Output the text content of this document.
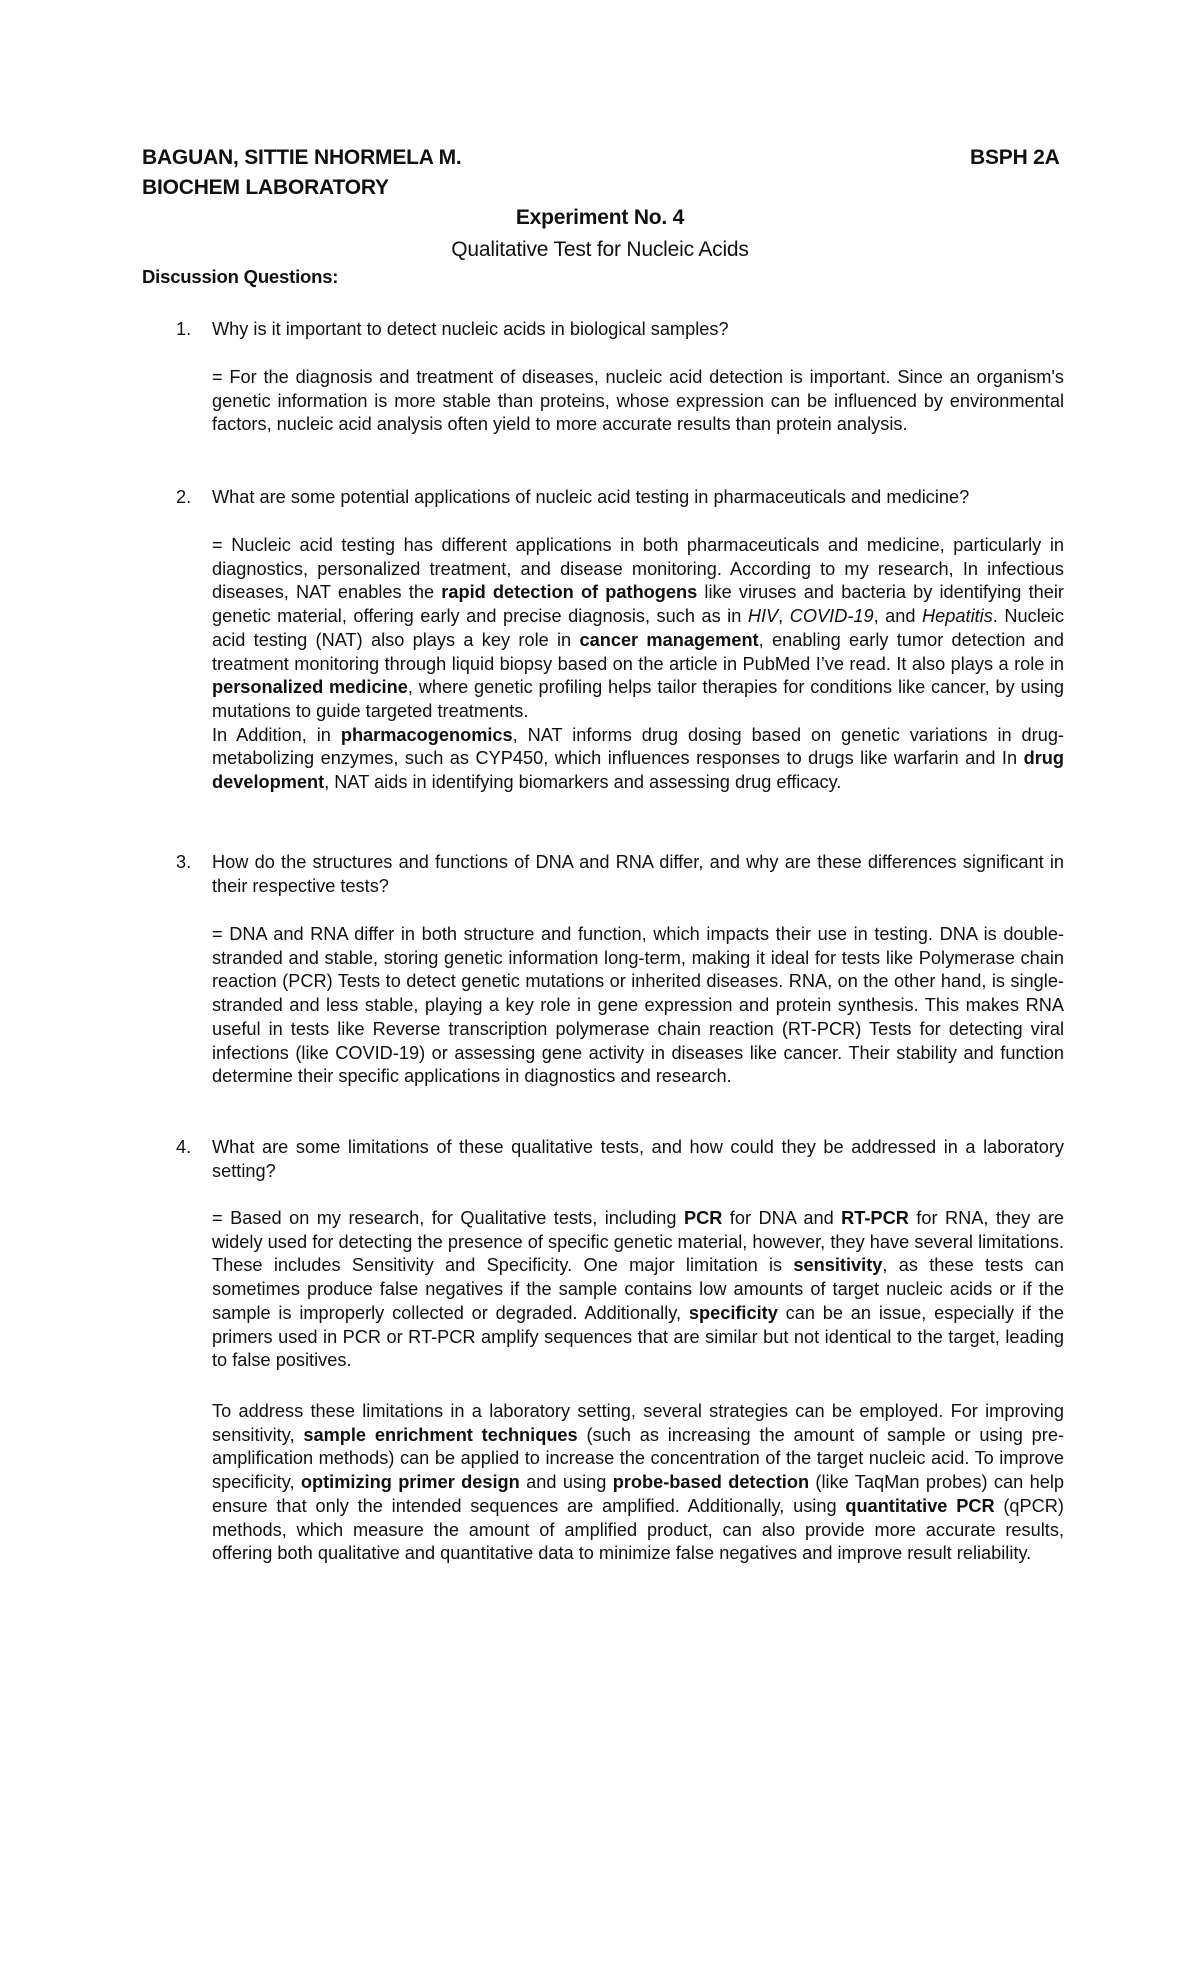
BAGUAN, SITTIE NHORMELA M.	BSPH 2A
BIOCHEM LABORATORY
Experiment No. 4
Qualitative Test for Nucleic Acids
Discussion Questions:
1. Why is it important to detect nucleic acids in biological samples?

= For the diagnosis and treatment of diseases, nucleic acid detection is important. Since an organism's genetic information is more stable than proteins, whose expression can be influenced by environmental factors, nucleic acid analysis often yield to more accurate results than protein analysis.

2. What are some potential applications of nucleic acid testing in pharmaceuticals and medicine?

= Nucleic acid testing has different applications in both pharmaceuticals and medicine, particularly in diagnostics, personalized treatment, and disease monitoring. According to my research, In infectious diseases, NAT enables the rapid detection of pathogens like viruses and bacteria by identifying their genetic material, offering early and precise diagnosis, such as in HIV, COVID-19, and Hepatitis. Nucleic acid testing (NAT) also plays a key role in cancer management, enabling early tumor detection and treatment monitoring through liquid biopsy based on the article in PubMed I’ve read. It also plays a role in personalized medicine, where genetic profiling helps tailor therapies for conditions like cancer, by using mutations to guide targeted treatments.

In Addition, in pharmacogenomics, NAT informs drug dosing based on genetic variations in drug-metabolizing enzymes, such as CYP450, which influences responses to drugs like warfarin and In drug development, NAT aids in identifying biomarkers and assessing drug efficacy.

3. How do the structures and functions of DNA and RNA differ, and why are these differences significant in their respective tests?

= DNA and RNA differ in both structure and function, which impacts their use in testing. DNA is double-stranded and stable, storing genetic information long-term, making it ideal for tests like Polymerase chain reaction (PCR) Tests to detect genetic mutations or inherited diseases. RNA, on the other hand, is single-stranded and less stable, playing a key role in gene expression and protein synthesis. This makes RNA useful in tests like Reverse transcription polymerase chain reaction (RT-PCR) Tests for detecting viral infections (like COVID-19) or assessing gene activity in diseases like cancer. Their stability and function determine their specific applications in diagnostics and research.

4. What are some limitations of these qualitative tests, and how could they be addressed in a laboratory setting?

= Based on my research, for Qualitative tests, including PCR for DNA and RT-PCR for RNA, they are widely used for detecting the presence of specific genetic material, however, they have several limitations. These includes Sensitivity and Specificity. One major limitation is sensitivity, as these tests can sometimes produce false negatives if the sample contains low amounts of target nucleic acids or if the sample is improperly collected or degraded. Additionally, specificity can be an issue, especially if the primers used in PCR or RT-PCR amplify sequences that are similar but not identical to the target, leading to false positives.

To address these limitations in a laboratory setting, several strategies can be employed. For improving sensitivity, sample enrichment techniques (such as increasing the amount of sample or using pre-amplification methods) can be applied to increase the concentration of the target nucleic acid. To improve specificity, optimizing primer design and using probe-based detection (like TaqMan probes) can help ensure that only the intended sequences are amplified. Additionally, using quantitative PCR (qPCR) methods, which measure the amount of amplified product, can also provide more accurate results, offering both qualitative and quantitative data to minimize false negatives and improve result reliability.
